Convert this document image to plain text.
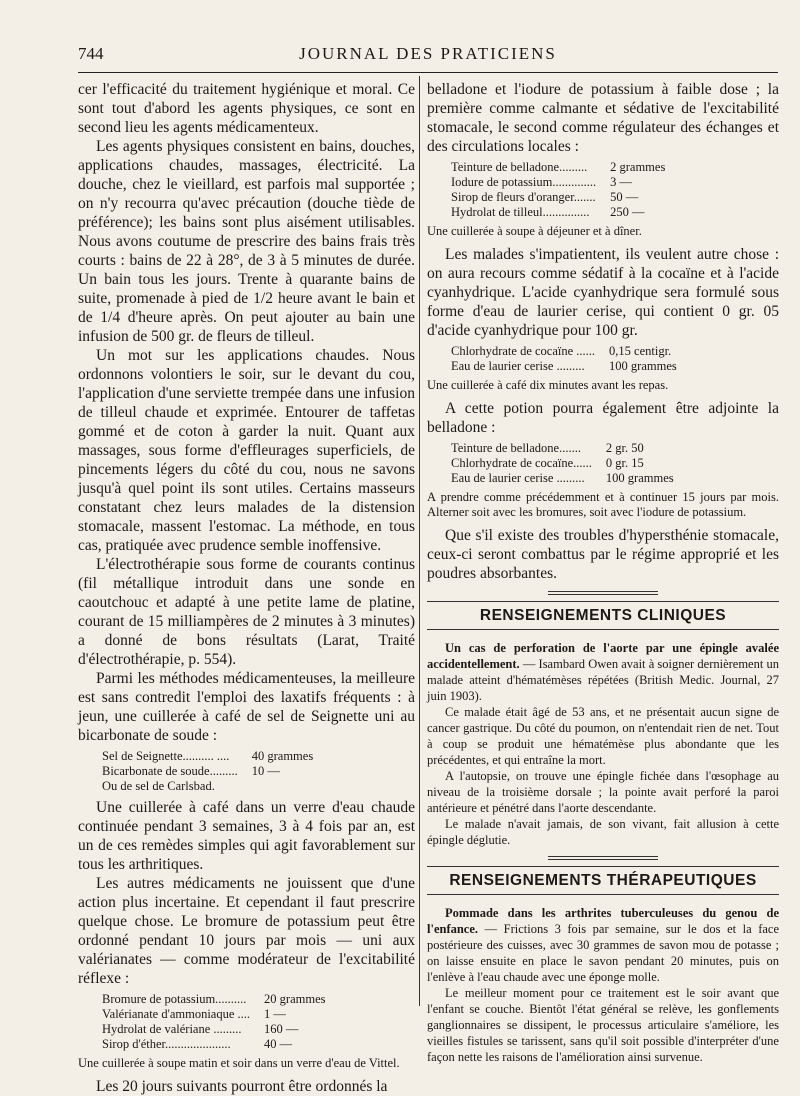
744	JOURNAL DES PRATICIENS

cer l'efficacité du traitement hygiénique et moral. Ce sont tout d'abord les agents physiques, ce sont en second lieu les agents médicamenteux.

Les agents physiques consistent en bains, douches, applications chaudes, massages, électricité. La douche, chez le vieillard, est parfois mal supportée ; on n'y recourra qu'avec précaution (douche tiède de préférence); les bains sont plus aisément utilisables. Nous avons coutume de prescrire des bains frais très courts : bains de 22 à 28°, de 3 à 5 minutes de durée. Un bain tous les jours. Trente à quarante bains de suite, promenade à pied de 1/2 heure avant le bain et de 1/4 d'heure après. On peut ajouter au bain une infusion de 500 gr. de fleurs de tilleul.

Un mot sur les applications chaudes. Nous ordonnons volontiers le soir, sur le devant du cou, l'application d'une serviette trempée dans une infusion de tilleul chaude et exprimée. Entourer de taffetas gommé et de coton à garder la nuit. Quant aux massages, sous forme d'effleurages superficiels, de pincements légers du côté du cou, nous ne savons jusqu'à quel point ils sont utiles. Certains masseurs constatant chez leurs malades de la distension stomacale, massent l'estomac. La méthode, en tous cas, pratiquée avec prudence semble inoffensive.

L'électrothérapie sous forme de courants continus (fil métallique introduit dans une sonde en caoutchouc et adapté à une petite lame de platine, courant de 15 milliampères de 2 minutes à 3 minutes) a donné de bons résultats (Larat, Traité d'électrothérapie, p. 554).

Parmi les méthodes médicamenteuses, la meilleure est sans contredit l'emploi des laxatifs fréquents : à jeun, une cuillerée à café de sel de Seignette uni au bicarbonate de soude :

Sel de Seignette.......... ....	40 grammes
Bicarbonate de soude.........	10 —
Ou de sel de Carlsbad.	

Une cuillerée à café dans un verre d'eau chaude continuée pendant 3 semaines, 3 à 4 fois par an, est un de ces remèdes simples qui agit favorablement sur tous les arthritiques.

Les autres médicaments ne jouissent que d'une action plus incertaine. Et cependant il faut prescrire quelque chose. Le bromure de potassium peut être ordonné pendant 10 jours par mois — uni aux valérianates — comme modérateur de l'excitabilité réflexe :

Bromure de potassium..........	20 grammes
Valérianate d'ammoniaque ....	1 —
Hydrolat de valériane .........	160 —
Sirop d'éther.....................	40 —

Une cuillerée à soupe matin et soir dans un verre d'eau de Vittel.

Les 20 jours suivants pourront être ordonnés la

belladone et l'iodure de potassium à faible dose ; la première comme calmante et sédative de l'excitabilité stomacale, le second comme régulateur des échanges et des circulations locales :

Teinture de belladone.........	2 grammes
Iodure de potassium..............	3 —
Sirop de fleurs d'oranger.......	50 —
Hydrolat de tilleul...............	250 —

Une cuillerée à soupe à déjeuner et à dîner.

Les malades s'impatientent, ils veulent autre chose : on aura recours comme sédatif à la cocaïne et à l'acide cyanhydrique. L'acide cyanhydrique sera formulé sous forme d'eau de laurier cerise, qui contient 0 gr. 05 d'acide cyanhydrique pour 100 gr.

Chlorhydrate de cocaïne ......	0,15 centigr.
Eau de laurier cerise .........	100 grammes

Une cuillerée à café dix minutes avant les repas.

A cette potion pourra également être adjointe la belladone :

Teinture de belladone.......	2 gr. 50
Chlorhydrate de cocaïne......	0 gr. 15
Eau de laurier cerise .........	100 grammes

A prendre comme précédemment et à continuer 15 jours par mois. Alterner soit avec les bromures, soit avec l'iodure de potassium.

Que s'il existe des troubles d'hypersthénie stomacale, ceux-ci seront combattus par le régime approprié et les poudres absorbantes.

RENSEIGNEMENTS CLINIQUES

Un cas de perforation de l'aorte par une épingle avalée accidentellement. — Isambard Owen avait à soigner dernièrement un malade atteint d'hématémèses répétées (British Medic. Journal, 27 juin 1903).

Ce malade était âgé de 53 ans, et ne présentait aucun signe de cancer gastrique. Du côté du poumon, on n'entendait rien de net. Tout à coup se produit une hématémèse plus abondante que les précédentes, et qui entraîne la mort.

A l'autopsie, on trouve une épingle fichée dans l'œsophage au niveau de la troisième dorsale ; la pointe avait perforé la paroi antérieure et pénétré dans l'aorte descendante.

Le malade n'avait jamais, de son vivant, fait allusion à cette épingle déglutie.

RENSEIGNEMENTS THÉRAPEUTIQUES

Pommade dans les arthrites tuberculeuses du genou de l'enfance. — Frictions 3 fois par semaine, sur le dos et la face postérieure des cuisses, avec 30 grammes de savon mou de potasse ; on laisse ensuite en place le savon pendant 20 minutes, puis on l'enlève à l'eau chaude avec une éponge molle.

Le meilleur moment pour ce traitement est le soir avant que l'enfant se couche. Bientôt l'état général se relève, les gonflements ganglionnaires se dissipent, le processus articulaire s'améliore, les vieilles fistules se tarissent, sans qu'il soit possible d'interpréter d'une façon nette les raisons de l'amélioration ainsi survenue.
